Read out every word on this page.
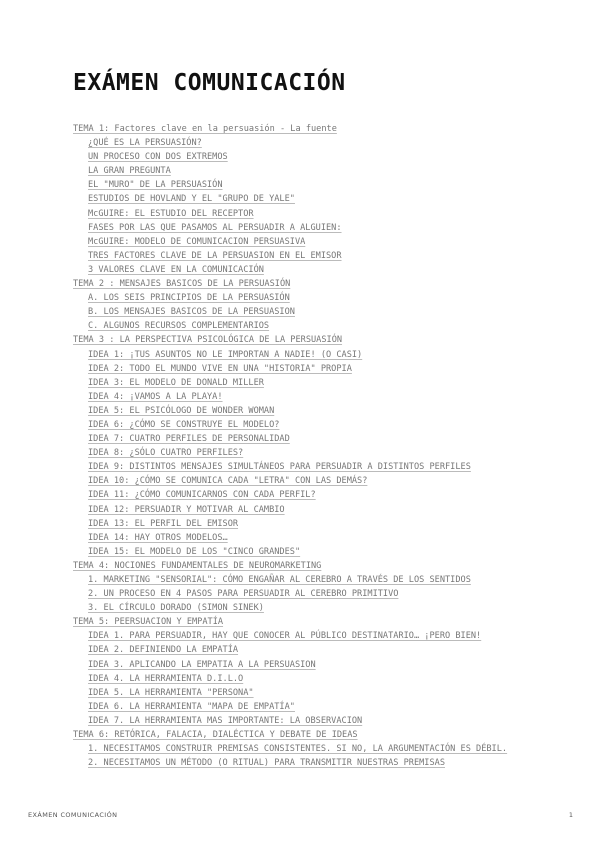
EXÁMEN COMUNICACIÓN
TEMA 1: Factores clave en la persuasión - La fuente
¿QUÉ ES LA PERSUASIÓN?
UN PROCESO CON DOS EXTREMOS
LA GRAN PREGUNTA
EL "MURO" DE LA PERSUASIÓN
ESTUDIOS DE HOVLAND Y EL "GRUPO DE YALE"
McGUIRE: EL ESTUDIO DEL RECEPTOR
FASES POR LAS QUE PASAMOS AL PERSUADIR A ALGUIEN:
McGUIRE: MODELO DE COMUNICACION PERSUASIVA
TRES FACTORES CLAVE DE LA PERSUASION EN EL EMISOR
3 VALORES CLAVE EN LA COMUNICACIÓN
TEMA 2 : MENSAJES BASICOS DE LA PERSUASIÓN
A. LOS SEIS PRINCIPIOS DE LA PERSUASIÓN
B. LOS MENSAJES BASICOS DE LA PERSUASION
C. ALGUNOS RECURSOS COMPLEMENTARIOS
TEMA 3 : LA PERSPECTIVA PSICOLÓGICA DE LA PERSUASIÓN
IDEA 1: ¡TUS ASUNTOS NO LE IMPORTAN A NADIE! (O CASI)
IDEA 2: TODO EL MUNDO VIVE EN UNA "HISTORIA" PROPIA
IDEA 3: EL MODELO DE DONALD MILLER
IDEA 4: ¡VAMOS A LA PLAYA!
IDEA 5: EL PSICÓLOGO DE WONDER WOMAN
IDEA 6: ¿CÓMO SE CONSTRUYE EL MODELO?
IDEA 7: CUATRO PERFILES DE PERSONALIDAD
IDEA 8: ¿SÓLO CUATRO PERFILES?
IDEA 9: DISTINTOS MENSAJES SIMULTÁNEOS PARA PERSUADIR A DISTINTOS PERFILES
IDEA 10: ¿CÓMO SE COMUNICA CADA "LETRA" CON LAS DEMÁS?
IDEA 11: ¿CÓMO COMUNICARNOS CON CADA PERFIL?
IDEA 12: PERSUADIR Y MOTIVAR AL CAMBIO
IDEA 13: EL PERFIL DEL EMISOR
IDEA 14: HAY OTROS MODELOS…
IDEA 15: EL MODELO DE LOS "CINCO GRANDES"
TEMA 4: NOCIONES FUNDAMENTALES DE NEUROMARKETING
1. MARKETING "SENSORIAL": CÓMO ENGAÑAR AL CEREBRO A TRAVÉS DE LOS SENTIDOS
2. UN PROCESO EN 4 PASOS PARA PERSUADIR AL CEREBRO PRIMITIVO
3. EL CÍRCULO DORADO (SIMON SINEK)
TEMA 5: PEERSUACION Y EMPATÍA
IDEA 1. PARA PERSUADIR, HAY QUE CONOCER AL PÚBLICO DESTINATARIO… ¡PERO BIEN!
IDEA 2. DEFINIENDO LA EMPATÍA
IDEA 3. APLICANDO LA EMPATIA A LA PERSUASION
IDEA 4. LA HERRAMIENTA D.I.L.O
IDEA 5. LA HERRAMIENTA "PERSONA"
IDEA 6. LA HERRAMIENTA "MAPA DE EMPATÍA"
IDEA 7. LA HERRAMIENTA MAS IMPORTANTE: LA OBSERVACION
TEMA 6: RETÓRICA, FALACIA, DIALÉCTICA Y DEBATE DE IDEAS
1. NECESITAMOS CONSTRUIR PREMISAS CONSISTENTES. SI NO, LA ARGUMENTACIÓN ES DÉBIL.
2. NECESITAMOS UN MÉTODO (O RITUAL) PARA TRANSMITIR NUESTRAS PREMISAS
EXÁMEN COMUNICACIÓN	1
